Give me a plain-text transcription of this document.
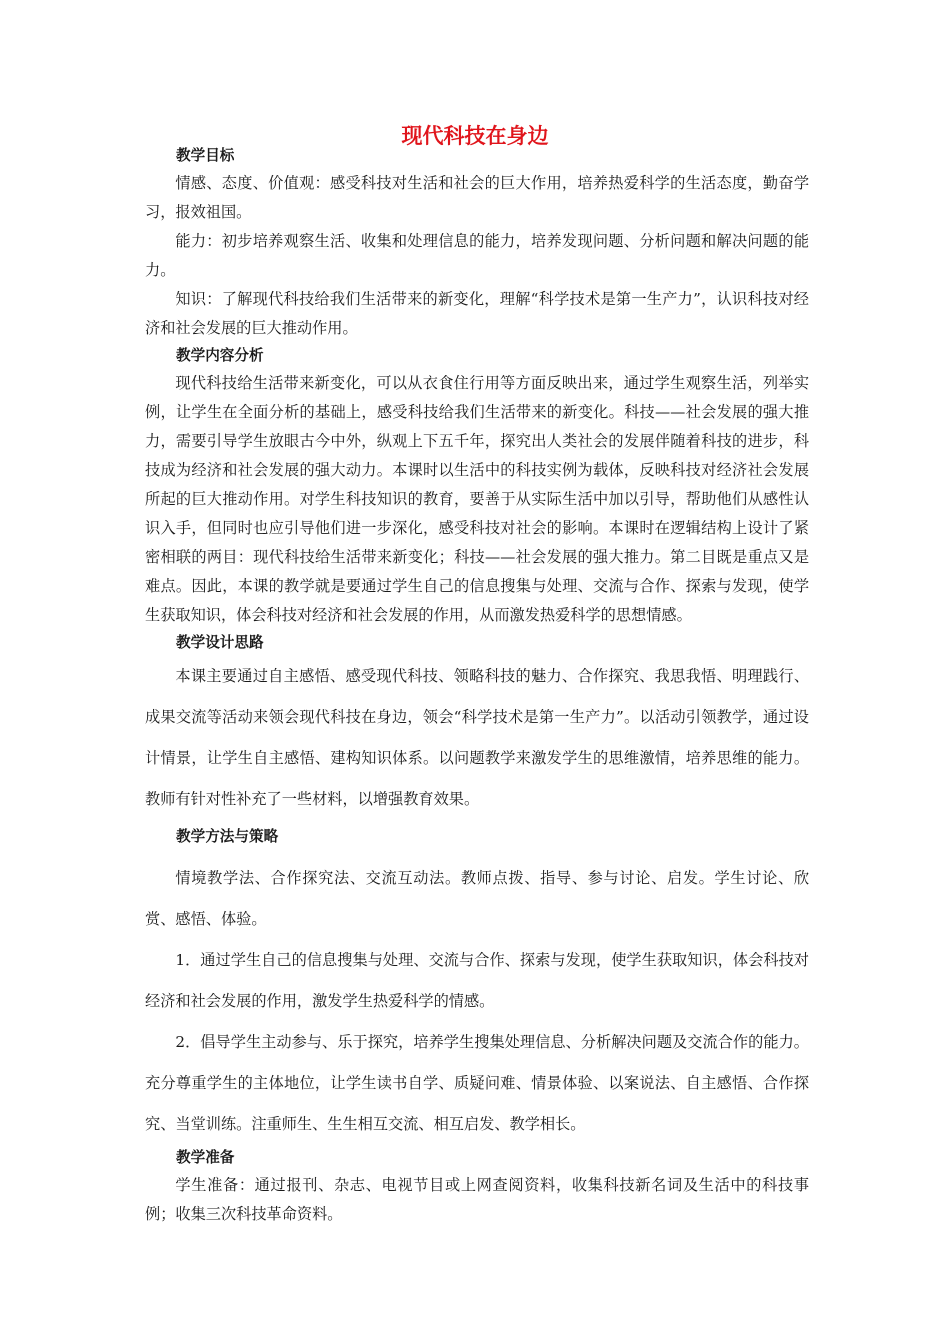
现代科技在身边
教学目标

情感、态度、价值观：感受科技对生活和社会的巨大作用，培养热爱科学的生活态度，勤奋学习，报效祖国。

能力：初步培养观察生活、收集和处理信息的能力，培养发现问题、分析问题和解决问题的能力。

知识：了解现代科技给我们生活带来的新变化，理解“科学技术是第一生产力”，认识科技对经济和社会发展的巨大推动作用。

教学内容分析

现代科技给生活带来新变化，可以从衣食住行用等方面反映出来，通过学生观察生活，列举实例，让学生在全面分析的基础上，感受科技给我们生活带来的新变化。科技——社会发展的强大推力，需要引导学生放眼古今中外，纵观上下五千年，探究出人类社会的发展伴随着科技的进步，科技成为经济和社会发展的强大动力。本课时以生活中的科技实例为载体，反映科技对经济社会发展所起的巨大推动作用。对学生科技知识的教育，要善于从实际生活中加以引导，帮助他们从感性认识入手，但同时也应引导他们进一步深化，感受科技对社会的影响。本课时在逻辑结构上设计了紧密相联的两目：现代科技给生活带来新变化；科技——社会发展的强大推力。第二目既是重点又是难点。因此，本课的教学就是要通过学生自己的信息搜集与处理、交流与合作、探索与发现，使学生获取知识，体会科技对经济和社会发展的作用，从而激发热爱科学的思想情感。

教学设计思路

本课主要通过自主感悟、感受现代科技、领略科技的魅力、合作探究、我思我悟、明理践行、成果交流等活动来领会现代科技在身边，领会“科学技术是第一生产力”。以活动引领教学，通过设计情景，让学生自主感悟、建构知识体系。以问题教学来激发学生的思维激情，培养思维的能力。教师有针对性补充了一些材料，以增强教育效果。

教学方法与策略

情境教学法、合作探究法、交流互动法。教师点拨、指导、参与讨论、启发。学生讨论、欣赏、感悟、体验。

1．通过学生自己的信息搜集与处理、交流与合作、探索与发现，使学生获取知识，体会科技对经济和社会发展的作用，激发学生热爱科学的情感。

2．倡导学生主动参与、乐于探究，培养学生搜集处理信息、分析解决问题及交流合作的能力。充分尊重学生的主体地位，让学生读书自学、质疑问难、情景体验、以案说法、自主感悟、合作探究、当堂训练。注重师生、生生相互交流、相互启发、教学相长。

教学准备

学生准备：通过报刊、杂志、电视节目或上网查阅资料，收集科技新名词及生活中的科技事例；收集三次科技革命资料。
